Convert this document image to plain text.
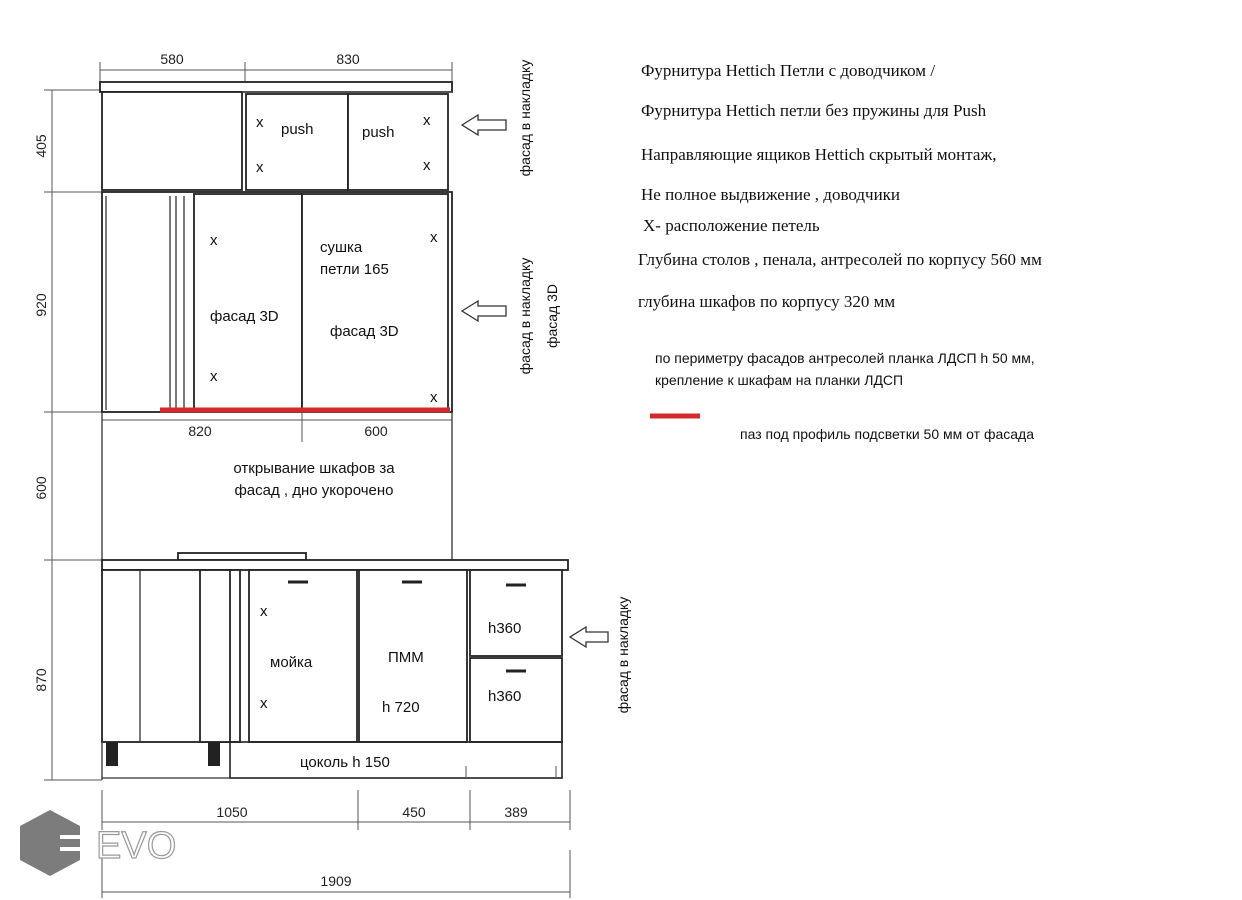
580	830
405
920
600
870
push	push
x
x
x
x
x
x
x
x
фасад 3D
сушка
петли 165
фасад 3D
820	600
открывание шкафов за
фасад , дно укорочено
x
x
мойка	ПММ
h 720
h360
h360
цоколь h 150
1050	450	389
1909
фасад в накладку
фасад в накладку фасад 3D
фасад в накладку
Фурнитура Hettich Петли с доводчиком /
Фурнитура Hettich петли без пружины для Push
Направляющие ящиков Hettich скрытый монтаж,
Не полное выдвижение , доводчики
X- расположение петель
Глубина столов , пенала, антресолей по корпусу 560 мм
глубина шкафов по корпусу 320 мм
по периметру фасадов антресолей планка ЛДСП h 50 мм,
крепление к шкафам на планки ЛДСП
паз под профиль подсветки 50 мм от фасада
EVO
